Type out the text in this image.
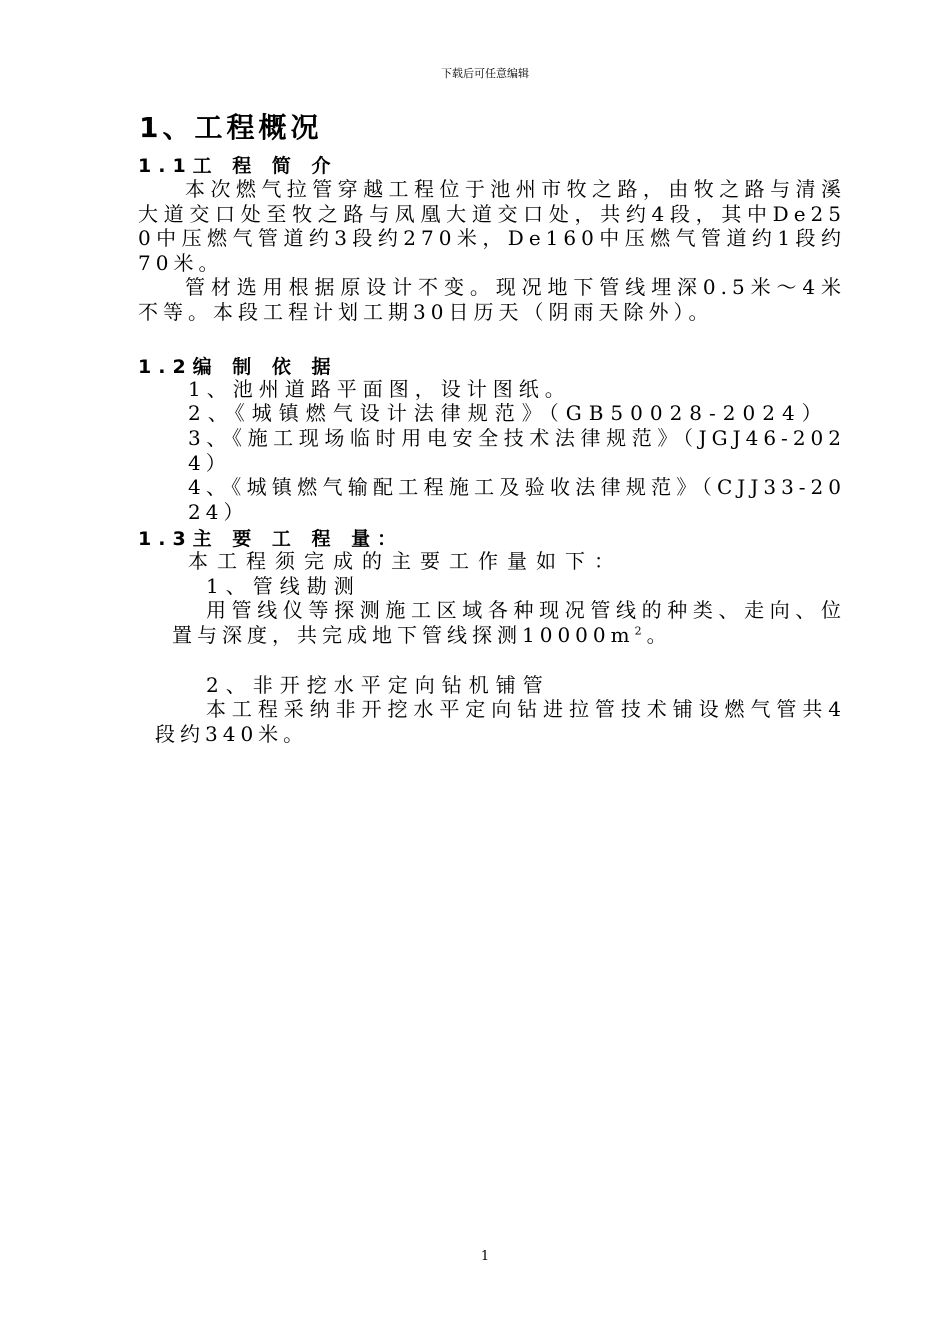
下载后可任意编辑
1、工程概况
1.1工 程 简 介
本次燃气拉管穿越工程位于池州市牧之路，由牧之路与清溪大道交口处至牧之路与凤凰大道交口处，共约4段，其中De250中压燃气管道约3段约270米，De160中压燃气管道约1段约70米。
管材选用根据原设计不变。现况地下管线埋深0.5米～4米不等。本段工程计划工期30日历天（阴雨天除外）。
1.2编 制 依 据
1、池州道路平面图，设计图纸。
2、《城镇燃气设计法律规范》（GB50028-2024）
3、《施工现场临时用电安全技术法律规范》（JGJ46-2024）
4、《城镇燃气输配工程施工及验收法律规范》（CJJ33-2024）
1.3主 要 工 程 量：
本工程须完成的主要工作量如下：
1、管线勘测
用管线仪等探测施工区域各种现况管线的种类、走向、位置与深度，共完成地下管线探测$10000m^2$。
2、非开挖水平定向钻机铺管
本工程采纳非开挖水平定向钻进拉管技术铺设燃气管共4段约340米。
1
